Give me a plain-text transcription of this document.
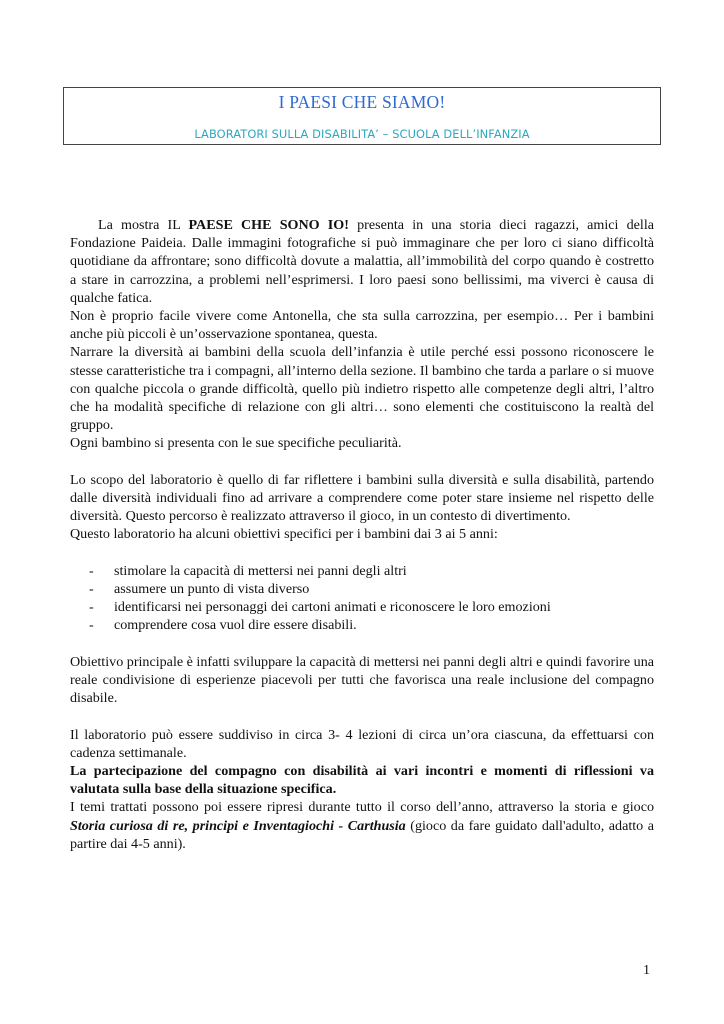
I PAESI CHE SIAMO!
LABORATORI SULLA DISABILITA’ – SCUOLA DELL’INFANZIA

La mostra IL PAESE CHE SONO IO! presenta in una storia dieci ragazzi, amici della Fondazione Paideia. Dalle immagini fotografiche si può immaginare che per loro ci siano difficoltà quotidiane da affrontare; sono difficoltà dovute a malattia, all’immobilità del corpo quando è costretto a stare in carrozzina, a problemi nell’esprimersi. I loro paesi sono bellissimi, ma viverci è causa di qualche fatica.

Non è proprio facile vivere come Antonella, che sta sulla carrozzina, per esempio… Per i bambini anche più piccoli è un’osservazione spontanea, questa.

Narrare la diversità ai bambini della scuola dell’infanzia è utile perché essi possono riconoscere le stesse caratteristiche tra i compagni, all’interno della sezione. Il bambino che tarda a parlare o si muove con qualche piccola o grande difficoltà, quello più indietro rispetto alle competenze degli altri, l’altro che ha modalità specifiche di relazione con gli altri… sono elementi che costituiscono la realtà del gruppo.

Ogni bambino si presenta con le sue specifiche peculiarità.

Lo scopo del laboratorio è quello di far riflettere i bambini sulla diversità e sulla disabilità, partendo dalle diversità individuali fino ad arrivare a comprendere come poter stare insieme nel rispetto delle diversità. Questo percorso è realizzato attraverso il gioco, in un contesto di divertimento.

Questo laboratorio ha alcuni obiettivi specifici per i bambini dai 3 ai 5 anni:

- stimolare la capacità di mettersi nei panni degli altri
- assumere un punto di vista diverso
- identificarsi nei personaggi dei cartoni animati e riconoscere le loro emozioni
- comprendere cosa vuol dire essere disabili.

Obiettivo principale è infatti sviluppare la capacità di mettersi nei panni degli altri e quindi favorire una reale condivisione di esperienze piacevoli per tutti che favorisca una reale inclusione del compagno disabile.

Il laboratorio può essere suddiviso in circa 3- 4 lezioni di circa un’ora ciascuna, da effettuarsi con cadenza settimanale.

La partecipazione del compagno con disabilità ai vari incontri e momenti di riflessioni va valutata sulla base della situazione specifica.

I temi trattati possono poi essere ripresi durante tutto il corso dell’anno, attraverso la storia e gioco Storia curiosa di re, principi e Inventagiochi - Carthusia (gioco da fare guidato dall'adulto, adatto a partire dai 4-5 anni).

1
